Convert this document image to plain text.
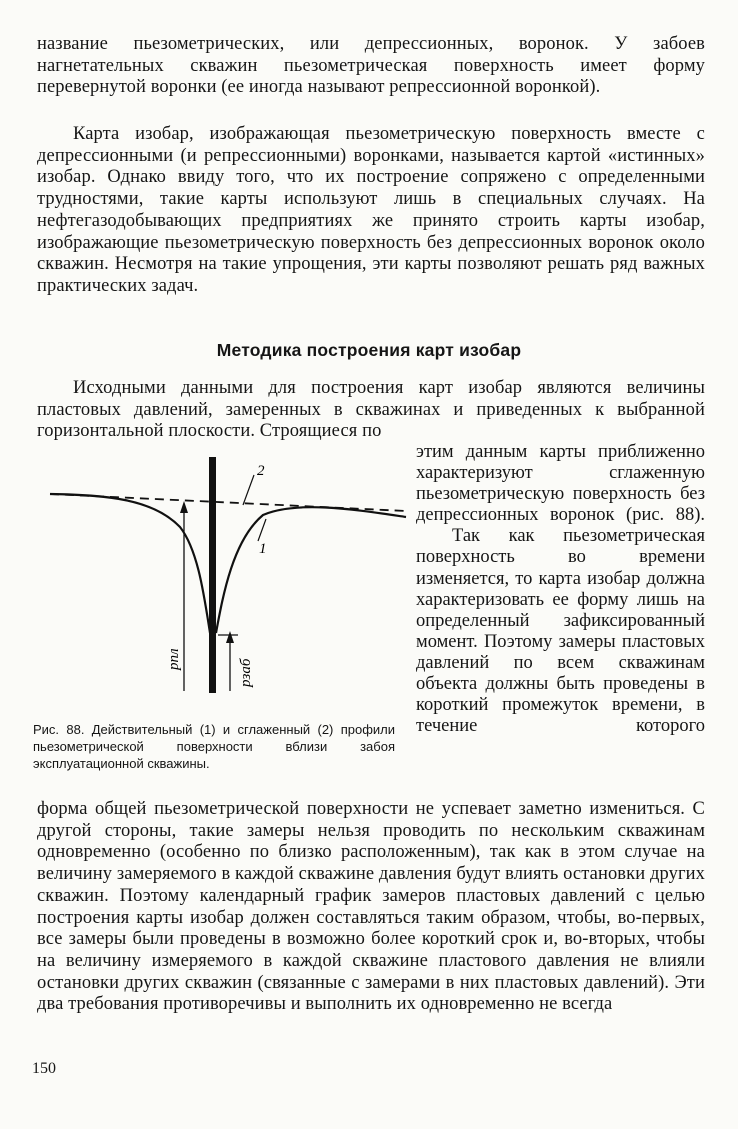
название пьезометрических, или депрессионных, воронок. У забоев нагнетательных скважин пьезометрическая поверхность имеет форму перевернутой воронки (ее иногда называют репрессионной воронкой).

Карта изобар, изображающая пьезометрическую поверхность вместе с депрессионными (и репрессионными) воронками, называется картой «истинных» изобар. Однако ввиду того, что их построение сопряжено с определенными трудностями, такие карты используют лишь в специальных случаях. На нефтегазодобывающих предприятиях же принято строить карты изобар, изображающие пьезометрическую поверхность без депрессионных воронок около скважин. Несмотря на такие упрощения, эти карты позволяют решать ряд важных практических задач.

Методика построения карт изобар

Исходными данными для построения карт изобар являются величины пластовых давлений, замеренных в скважинах и приведенных к выбранной горизонтальной плоскости. Строящиеся по

2
1
pпл	pзаб

Рис. 88. Действительный (1) и сглаженный (2) профили пьезометрической поверхности вблизи забоя эксплуатационной скважины.

этим данным карты приближенно характеризуют сглаженную пьезометрическую поверхность без депрессионных воронок (рис. 88). Так как пьезометрическая поверхность во времени изменяется, то карта изобар должна характеризовать ее форму лишь на определенный зафиксированный момент. Поэтому замеры пластовых давлений по всем скважинам объекта должны быть проведены в короткий промежуток времени, в течение которого

форма общей пьезометрической поверхности не успевает заметно измениться. С другой стороны, такие замеры нельзя проводить по нескольким скважинам одновременно (особенно по близко расположенным), так как в этом случае на величину замеряемого в каждой скважине давления будут влиять остановки других скважин. Поэтому календарный график замеров пластовых давлений с целью построения карты изобар должен составляться таким образом, чтобы, во-первых, все замеры были проведены в возможно более короткий срок и, во-вторых, чтобы на величину измеряемого в каждой скважине пластового давления не влияли остановки других скважин (связанные с замерами в них пластовых давлений). Эти два требования противоречивы и выполнить их одновременно не всегда

150
